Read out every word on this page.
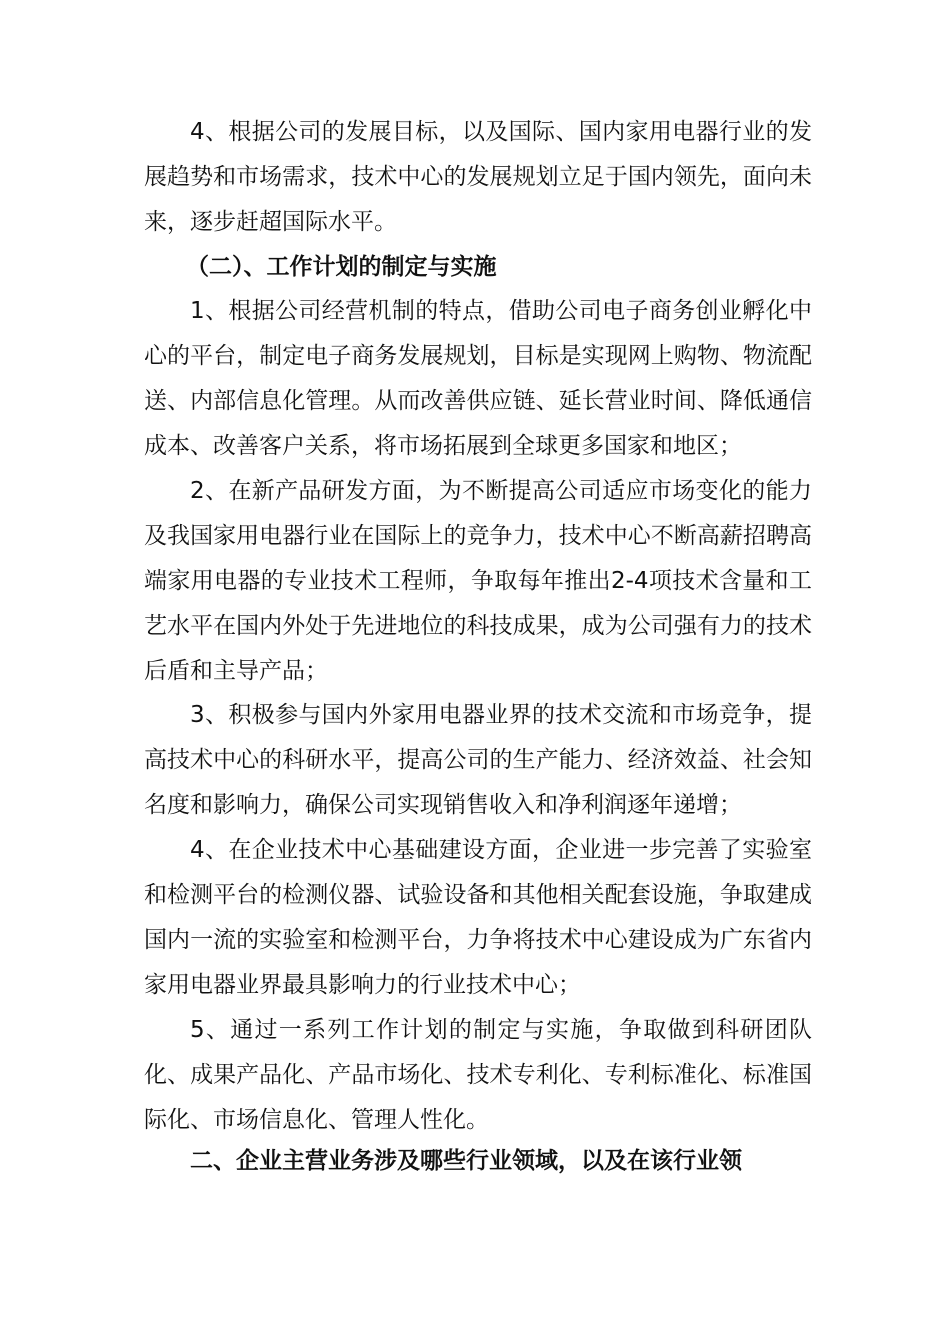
4、根据公司的发展目标，以及国际、国内家用电器行业的发展趋势和市场需求，技术中心的发展规划立足于国内领先，面向未来，逐步赶超国际水平。

（二）、工作计划的制定与实施

1、根据公司经营机制的特点，借助公司电子商务创业孵化中心的平台，制定电子商务发展规划，目标是实现网上购物、物流配送、内部信息化管理。从而改善供应链、延长营业时间、降低通信成本、改善客户关系，将市场拓展到全球更多国家和地区；

2、在新产品研发方面，为不断提高公司适应市场变化的能力及我国家用电器行业在国际上的竞争力，技术中心不断高薪招聘高端家用电器的专业技术工程师，争取每年推出2-4项技术含量和工艺水平在国内外处于先进地位的科技成果，成为公司强有力的技术后盾和主导产品；

3、积极参与国内外家用电器业界的技术交流和市场竞争，提高技术中心的科研水平，提高公司的生产能力、经济效益、社会知名度和影响力，确保公司实现销售收入和净利润逐年递增；

4、在企业技术中心基础建设方面，企业进一步完善了实验室和检测平台的检测仪器、试验设备和其他相关配套设施，争取建成国内一流的实验室和检测平台，力争将技术中心建设成为广东省内家用电器业界最具影响力的行业技术中心；

5、通过一系列工作计划的制定与实施，争取做到科研团队化、成果产品化、产品市场化、技术专利化、专利标准化、标准国际化、市场信息化、管理人性化。

二、企业主营业务涉及哪些行业领域，以及在该行业领
